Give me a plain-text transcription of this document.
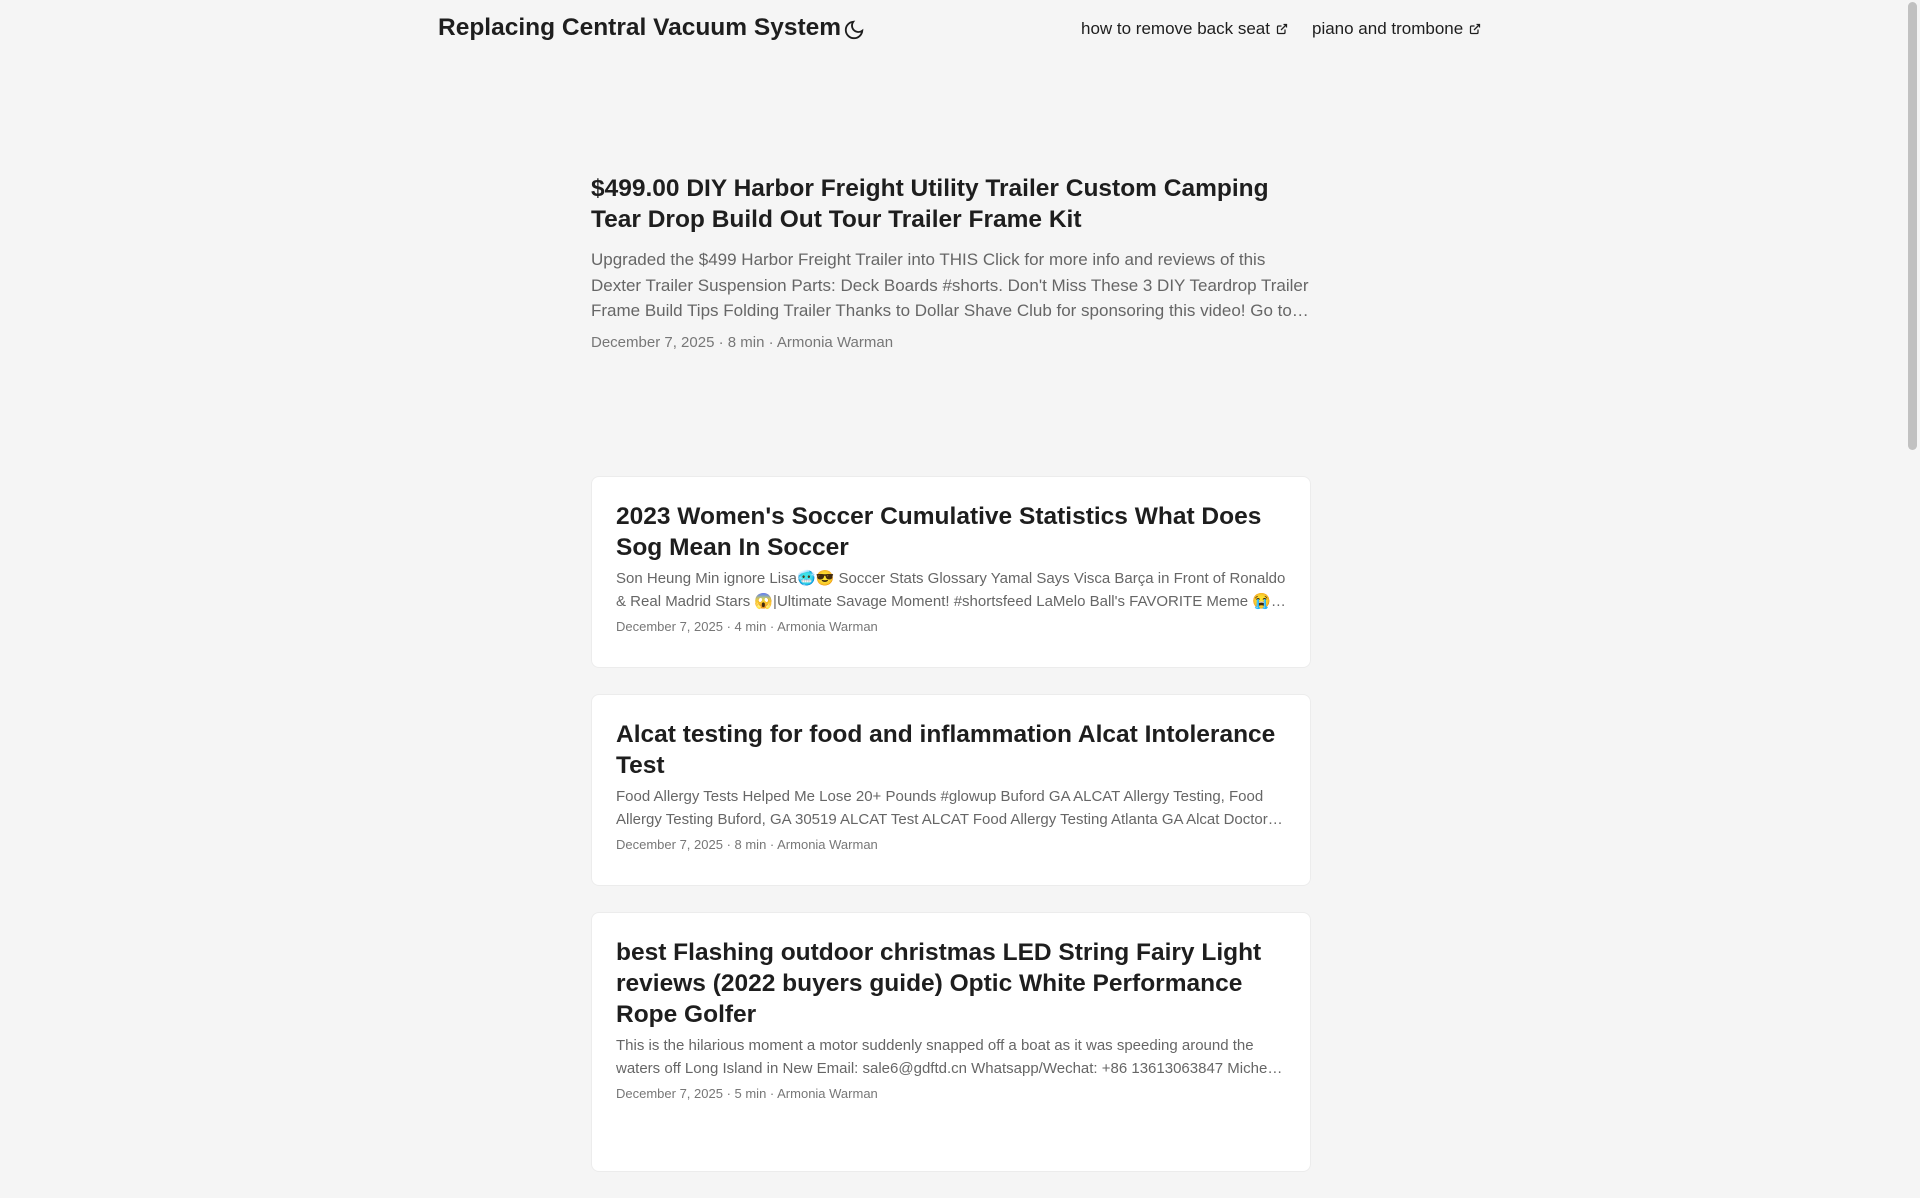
Replacing Central Vacuum System	how to remove back seat piano and trombone
$499.00 DIY Harbor Freight Utility Trailer Custom Camping Tear Drop Build Out Tour Trailer Frame Kit
Upgraded the $499 Harbor Freight Trailer into THIS Click for more info and reviews of this Dexter Trailer Suspension Parts: Deck Boards #shorts. Don't Miss These 3 DIY Teardrop Trailer Frame Build Tips Folding Trailer Thanks to Dollar Shave Club for sponsoring this video! Go to to
December 7, 2025 · 8 min · Armonia Warman
2023 Women's Soccer Cumulative Statistics What Does Sog Mean In Soccer

Son Heung Min ignore Lisa🥶😎 Soccer Stats Glossary Yamal Says Visca Barça in Front of Ronaldo & Real Madrid Stars 😱|Ultimate Savage Moment! #shortsfeed LaMelo Ball's FAVORITE Meme 😭

December 7, 2025 · 4 min · Armonia Warman
Alcat testing for food and inflammation Alcat Intolerance Test

Food Allergy Tests Helped Me Lose 20+ Pounds #glowup Buford GA ALCAT Allergy Testing, Food Allergy Testing Buford, GA 30519 ALCAT Test ALCAT Food Allergy Testing Atlanta GA Alcat Doctors

December 7, 2025 · 8 min · Armonia Warman
best Flashing outdoor christmas LED String Fairy Light reviews (2022 buyers guide) Optic White Performance Rope Golfer

This is the hilarious moment a motor suddenly snapped off a boat as it was speeding around the waters off Long Island in New Email: sale6@gdftd.cn Whatsapp/Wechat: +86 13613063847 Micheal

December 7, 2025 · 5 min · Armonia Warman
